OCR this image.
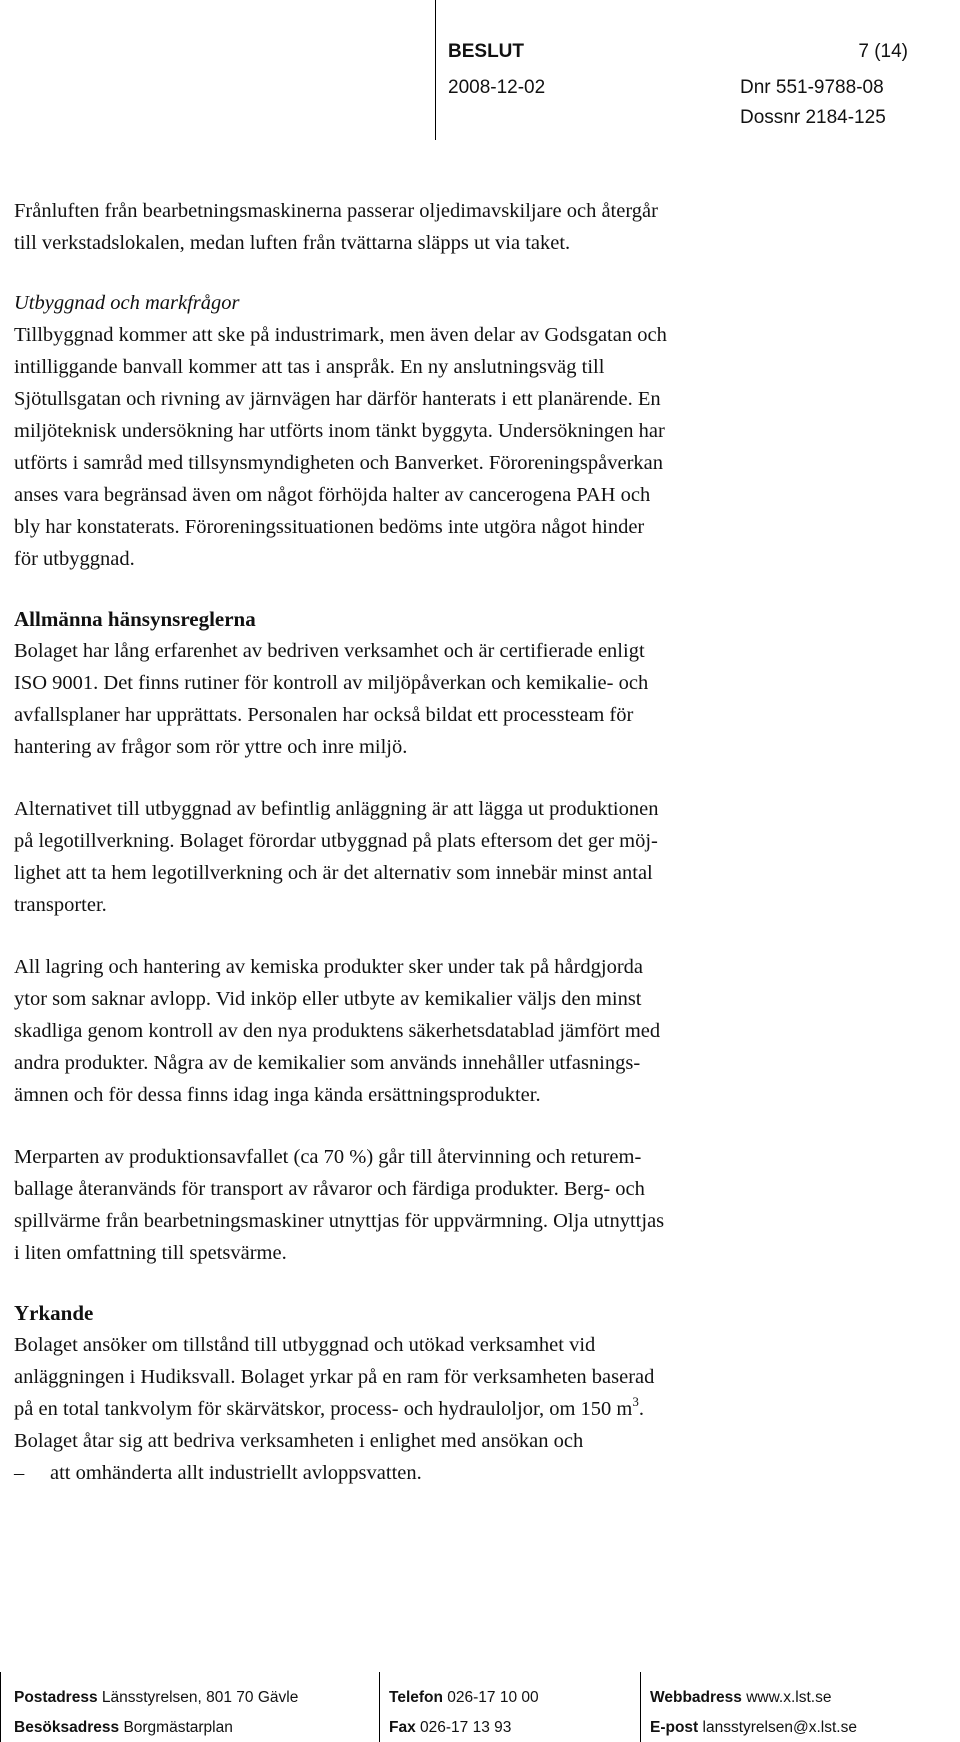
BESLUT	7 (14)
2008-12-02	Dnr 551-9788-08
Dossnr 2184-125

Frånluften från bearbetningsmaskinerna passerar oljedimavskiljare och återgår

till verkstadslokalen, medan luften från tvättarna släpps ut via taket.

Utbyggnad och markfrågor

Tillbyggnad kommer att ske på industrimark, men även delar av Godsgatan och

intilliggande banvall kommer att tas i anspråk. En ny anslutningsväg till

Sjötullsgatan och rivning av järnvägen har därför hanterats i ett planärende. En

miljöteknisk undersökning har utförts inom tänkt byggyta. Undersökningen har

utförts i samråd med tillsynsmyndigheten och Banverket. Föroreningspåverkan

anses vara begränsad även om något förhöjda halter av cancerogena PAH och

bly har konstaterats. Föroreningssituationen bedöms inte utgöra något hinder

för utbyggnad.

Allmänna hänsynsreglerna

Bolaget har lång erfarenhet av bedriven verksamhet och är certifierade enligt

ISO 9001. Det finns rutiner för kontroll av miljöpåverkan och kemikalie- och

avfallsplaner har upprättats. Personalen har också bildat ett processteam för

hantering av frågor som rör yttre och inre miljö.

Alternativet till utbyggnad av befintlig anläggning är att lägga ut produktionen

på legotillverkning. Bolaget förordar utbyggnad på plats eftersom det ger möj-

lighet att ta hem legotillverkning och är det alternativ som innebär minst antal

transporter.

All lagring och hantering av kemiska produkter sker under tak på hårdgjorda

ytor som saknar avlopp. Vid inköp eller utbyte av kemikalier väljs den minst

skadliga genom kontroll av den nya produktens säkerhetsdatablad jämfört med

andra produkter. Några av de kemikalier som används innehåller utfasnings-

ämnen och för dessa finns idag inga kända ersättningsprodukter.

Merparten av produktionsavfallet (ca 70 %) går till återvinning och returem-

ballage återanvänds för transport av råvaror och färdiga produkter. Berg- och

spillvärme från bearbetningsmaskiner utnyttjas för uppvärmning. Olja utnyttjas

i liten omfattning till spetsvärme.

Yrkande

Bolaget ansöker om tillstånd till utbyggnad och utökad verksamhet vid

anläggningen i Hudiksvall. Bolaget yrkar på en ram för verksamheten baserad

på en total tankvolym för skärvätskor, process- och hydrauloljor, om 150 $m^3$.

Bolaget åtar sig att bedriva verksamheten i enlighet med ansökan och

–	att omhänderta allt industriellt avloppsvatten.
Postadress Länsstyrelsen, 801 70 Gävle
Besöksadress Borgmästarplan
Telefon 026-17 10 00
Fax 026-17 13 93
Webbadress www.x.lst.se
E-post lansstyrelsen@x.lst.se
